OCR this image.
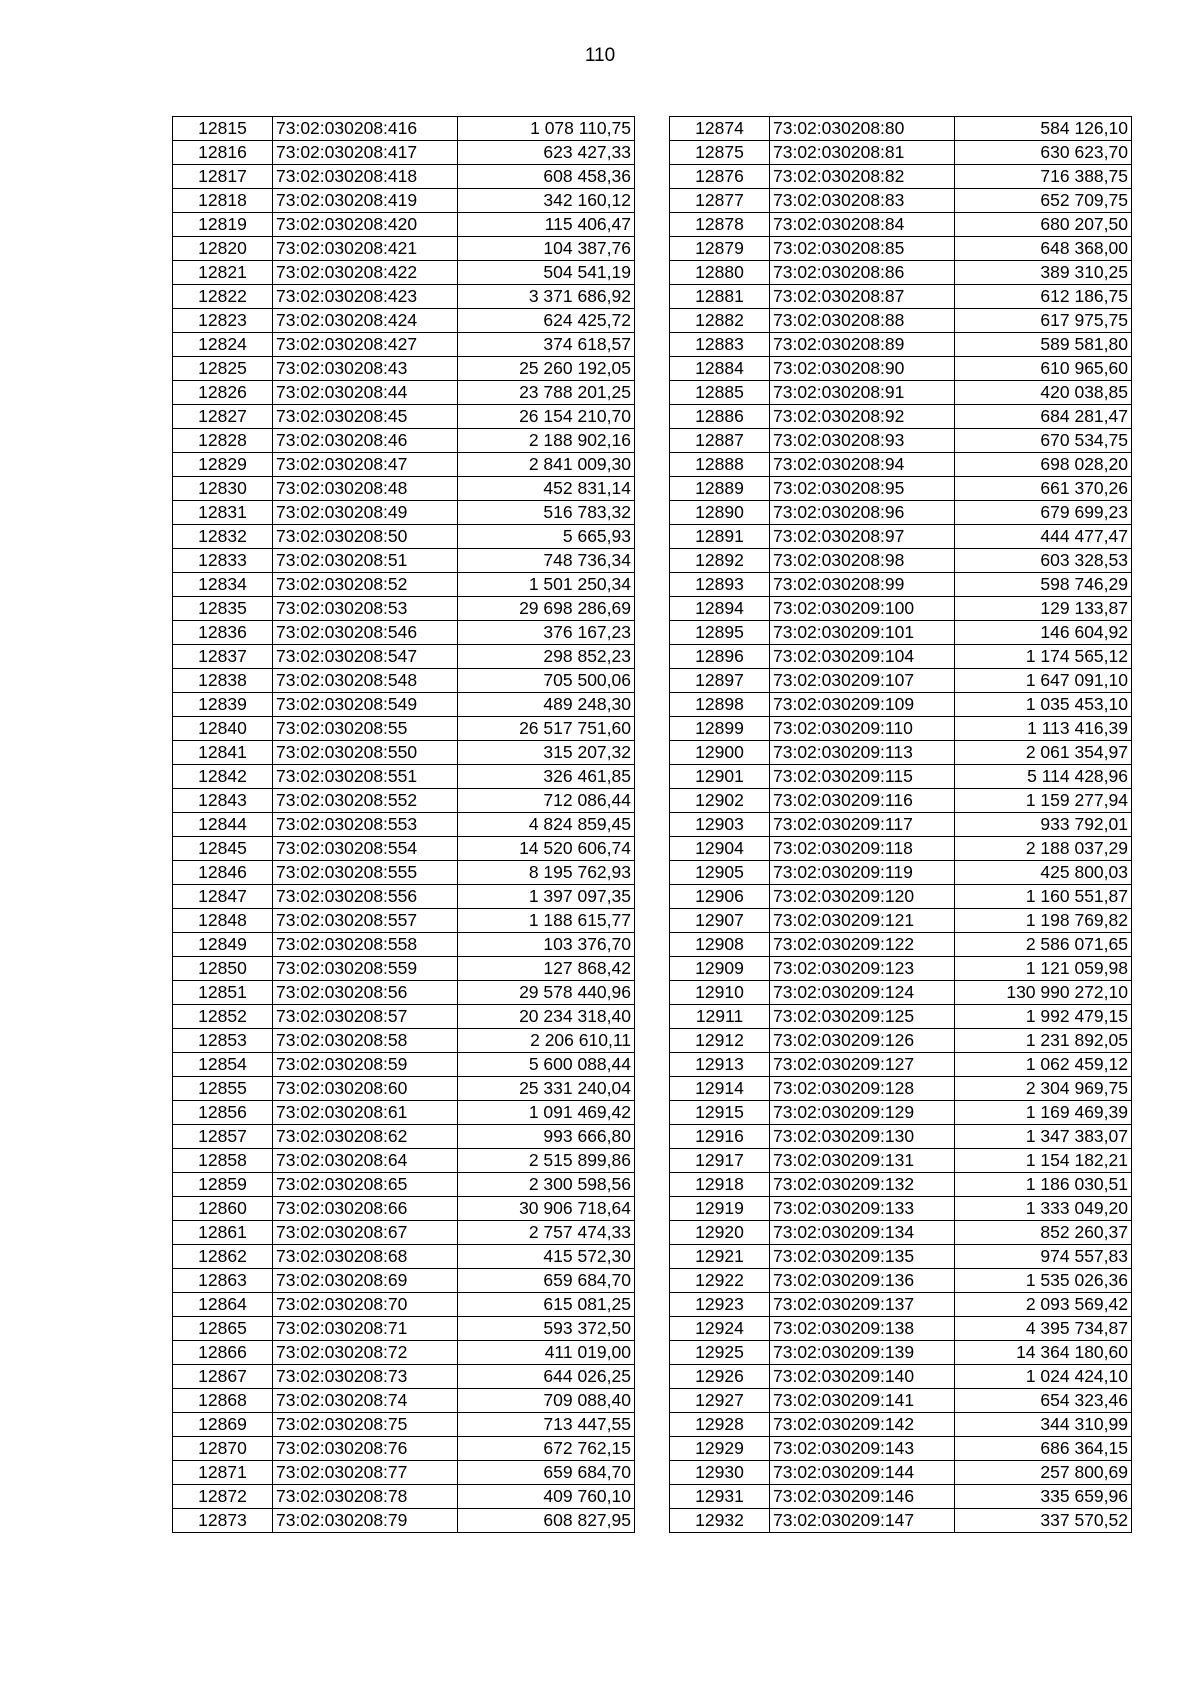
110
12815	73:02:030208:416	1 078 110,75
12816	73:02:030208:417	623 427,33
12817	73:02:030208:418	608 458,36
12818	73:02:030208:419	342 160,12
12819	73:02:030208:420	115 406,47
12820	73:02:030208:421	104 387,76
12821	73:02:030208:422	504 541,19
12822	73:02:030208:423	3 371 686,92
12823	73:02:030208:424	624 425,72
12824	73:02:030208:427	374 618,57
12825	73:02:030208:43	25 260 192,05
12826	73:02:030208:44	23 788 201,25
12827	73:02:030208:45	26 154 210,70
12828	73:02:030208:46	2 188 902,16
12829	73:02:030208:47	2 841 009,30
12830	73:02:030208:48	452 831,14
12831	73:02:030208:49	516 783,32
12832	73:02:030208:50	5 665,93
12833	73:02:030208:51	748 736,34
12834	73:02:030208:52	1 501 250,34
12835	73:02:030208:53	29 698 286,69
12836	73:02:030208:546	376 167,23
12837	73:02:030208:547	298 852,23
12838	73:02:030208:548	705 500,06
12839	73:02:030208:549	489 248,30
12840	73:02:030208:55	26 517 751,60
12841	73:02:030208:550	315 207,32
12842	73:02:030208:551	326 461,85
12843	73:02:030208:552	712 086,44
12844	73:02:030208:553	4 824 859,45
12845	73:02:030208:554	14 520 606,74
12846	73:02:030208:555	8 195 762,93
12847	73:02:030208:556	1 397 097,35
12848	73:02:030208:557	1 188 615,77
12849	73:02:030208:558	103 376,70
12850	73:02:030208:559	127 868,42
12851	73:02:030208:56	29 578 440,96
12852	73:02:030208:57	20 234 318,40
12853	73:02:030208:58	2 206 610,11
12854	73:02:030208:59	5 600 088,44
12855	73:02:030208:60	25 331 240,04
12856	73:02:030208:61	1 091 469,42
12857	73:02:030208:62	993 666,80
12858	73:02:030208:64	2 515 899,86
12859	73:02:030208:65	2 300 598,56
12860	73:02:030208:66	30 906 718,64
12861	73:02:030208:67	2 757 474,33
12862	73:02:030208:68	415 572,30
12863	73:02:030208:69	659 684,70
12864	73:02:030208:70	615 081,25
12865	73:02:030208:71	593 372,50
12866	73:02:030208:72	411 019,00
12867	73:02:030208:73	644 026,25
12868	73:02:030208:74	709 088,40
12869	73:02:030208:75	713 447,55
12870	73:02:030208:76	672 762,15
12871	73:02:030208:77	659 684,70
12872	73:02:030208:78	409 760,10
12873	73:02:030208:79	608 827,95
12874	73:02:030208:80	584 126,10
12875	73:02:030208:81	630 623,70
12876	73:02:030208:82	716 388,75
12877	73:02:030208:83	652 709,75
12878	73:02:030208:84	680 207,50
12879	73:02:030208:85	648 368,00
12880	73:02:030208:86	389 310,25
12881	73:02:030208:87	612 186,75
12882	73:02:030208:88	617 975,75
12883	73:02:030208:89	589 581,80
12884	73:02:030208:90	610 965,60
12885	73:02:030208:91	420 038,85
12886	73:02:030208:92	684 281,47
12887	73:02:030208:93	670 534,75
12888	73:02:030208:94	698 028,20
12889	73:02:030208:95	661 370,26
12890	73:02:030208:96	679 699,23
12891	73:02:030208:97	444 477,47
12892	73:02:030208:98	603 328,53
12893	73:02:030208:99	598 746,29
12894	73:02:030209:100	129 133,87
12895	73:02:030209:101	146 604,92
12896	73:02:030209:104	1 174 565,12
12897	73:02:030209:107	1 647 091,10
12898	73:02:030209:109	1 035 453,10
12899	73:02:030209:110	1 113 416,39
12900	73:02:030209:113	2 061 354,97
12901	73:02:030209:115	5 114 428,96
12902	73:02:030209:116	1 159 277,94
12903	73:02:030209:117	933 792,01
12904	73:02:030209:118	2 188 037,29
12905	73:02:030209:119	425 800,03
12906	73:02:030209:120	1 160 551,87
12907	73:02:030209:121	1 198 769,82
12908	73:02:030209:122	2 586 071,65
12909	73:02:030209:123	1 121 059,98
12910	73:02:030209:124	130 990 272,10
12911	73:02:030209:125	1 992 479,15
12912	73:02:030209:126	1 231 892,05
12913	73:02:030209:127	1 062 459,12
12914	73:02:030209:128	2 304 969,75
12915	73:02:030209:129	1 169 469,39
12916	73:02:030209:130	1 347 383,07
12917	73:02:030209:131	1 154 182,21
12918	73:02:030209:132	1 186 030,51
12919	73:02:030209:133	1 333 049,20
12920	73:02:030209:134	852 260,37
12921	73:02:030209:135	974 557,83
12922	73:02:030209:136	1 535 026,36
12923	73:02:030209:137	2 093 569,42
12924	73:02:030209:138	4 395 734,87
12925	73:02:030209:139	14 364 180,60
12926	73:02:030209:140	1 024 424,10
12927	73:02:030209:141	654 323,46
12928	73:02:030209:142	344 310,99
12929	73:02:030209:143	686 364,15
12930	73:02:030209:144	257 800,69
12931	73:02:030209:146	335 659,96
12932	73:02:030209:147	337 570,52
